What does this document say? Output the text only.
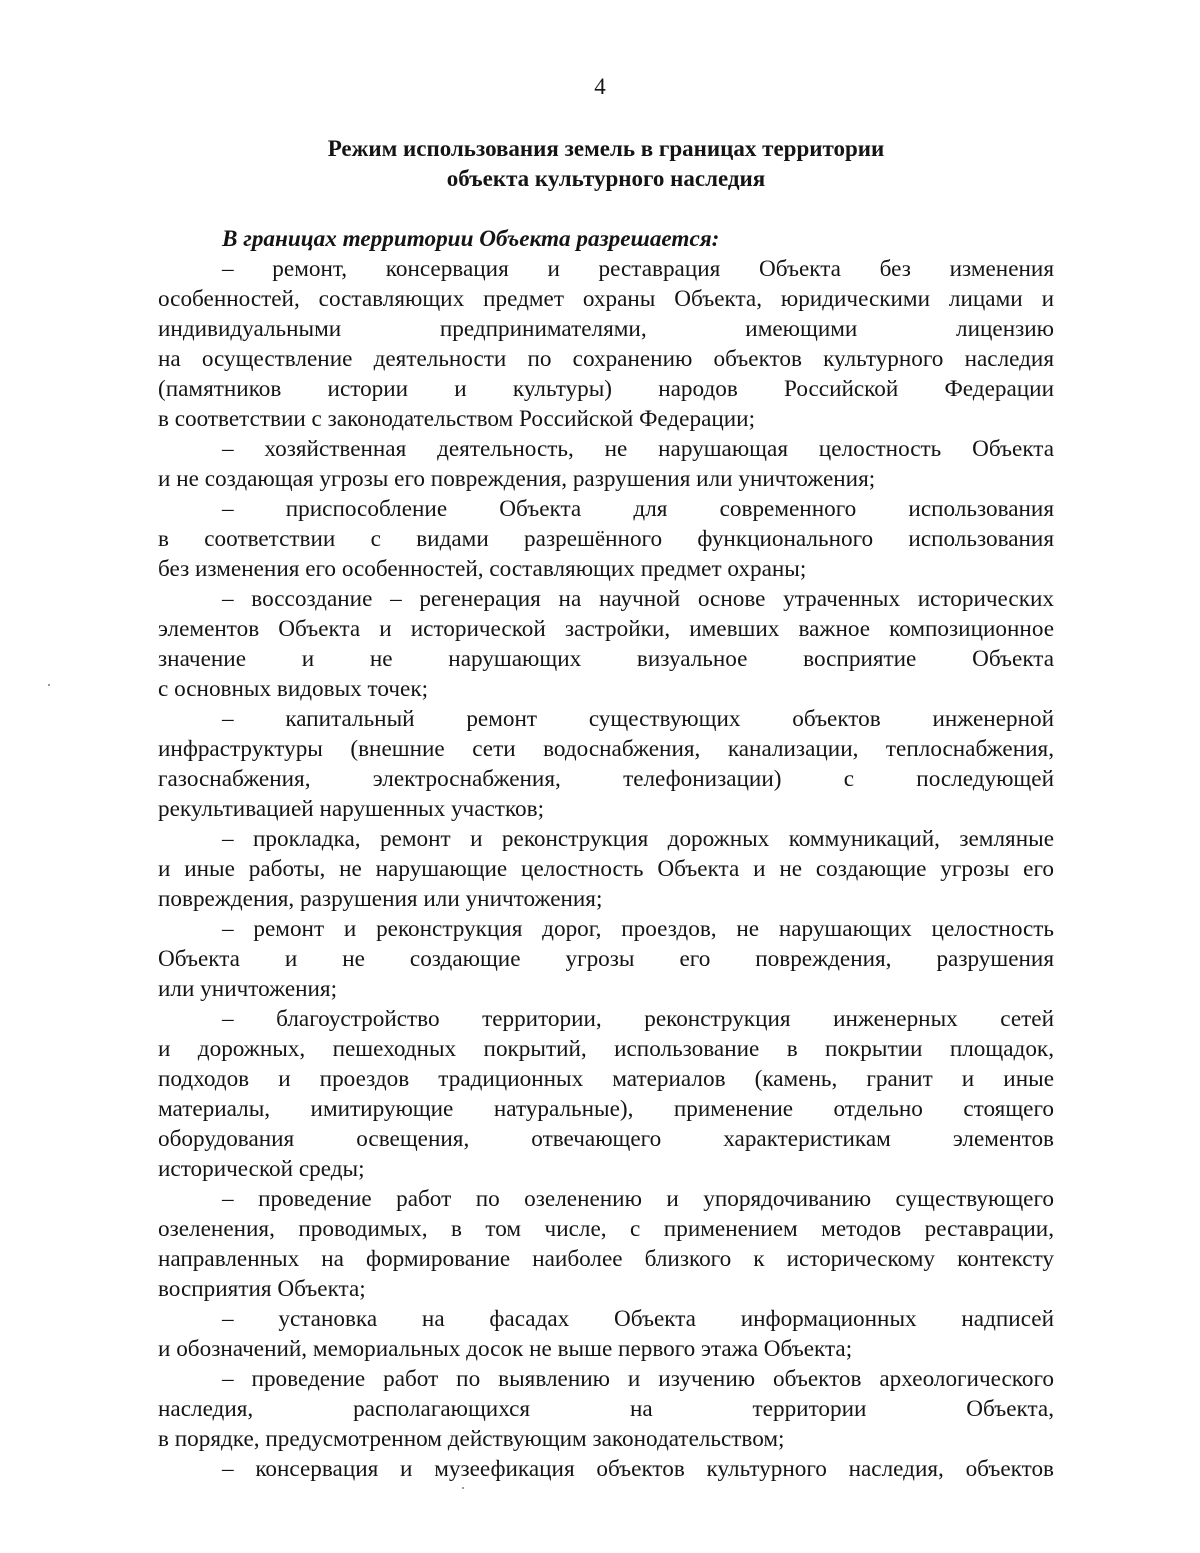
4
Режим использования земель в границах территории
объекта культурного наследия
В границах территории Объекта разрешается:
– ремонт, консервация и реставрация Объекта без изменения
особенностей, составляющих предмет охраны Объекта, юридическими лицами и
индивидуальными предпринимателями, имеющими лицензию
на осуществление деятельности по сохранению объектов культурного наследия
(памятников истории и культуры) народов Российской Федерации
в соответствии с законодательством Российской Федерации;
– хозяйственная деятельность, не нарушающая целостность Объекта
и не создающая угрозы его повреждения, разрушения или уничтожения;
– приспособление Объекта для современного использования
в соответствии с видами разрешённого функционального использования
без изменения его особенностей, составляющих предмет охраны;
– воссоздание – регенерация на научной основе утраченных исторических
элементов Объекта и исторической застройки, имевших важное композиционное
значение и не нарушающих визуальное восприятие Объекта
с основных видовых точек;
– капитальный ремонт существующих объектов инженерной
инфраструктуры (внешние сети водоснабжения, канализации, теплоснабжения,
газоснабжения, электроснабжения, телефонизации) с последующей
рекультивацией нарушенных участков;
– прокладка, ремонт и реконструкция дорожных коммуникаций, земляные
и иные работы, не нарушающие целостность Объекта и не создающие угрозы его
повреждения, разрушения или уничтожения;
– ремонт и реконструкция дорог, проездов, не нарушающих целостность
Объекта и не создающие угрозы его повреждения, разрушения
или уничтожения;
– благоустройство территории, реконструкция инженерных сетей
и дорожных, пешеходных покрытий, использование в покрытии площадок,
подходов и проездов традиционных материалов (камень, гранит и иные
материалы, имитирующие натуральные), применение отдельно стоящего
оборудования освещения, отвечающего характеристикам элементов
исторической среды;
– проведение работ по озеленению и упорядочиванию существующего
озеленения, проводимых, в том числе, с применением методов реставрации,
направленных на формирование наиболее близкого к историческому контексту
восприятия Объекта;
– установка на фасадах Объекта информационных надписей
и обозначений, мемориальных досок не выше первого этажа Объекта;
– проведение работ по выявлению и изучению объектов археологического
наследия, располагающихся на территории Объекта,
в порядке, предусмотренном действующим законодательством;
– консервация и музеефикация объектов культурного наследия, объектов
